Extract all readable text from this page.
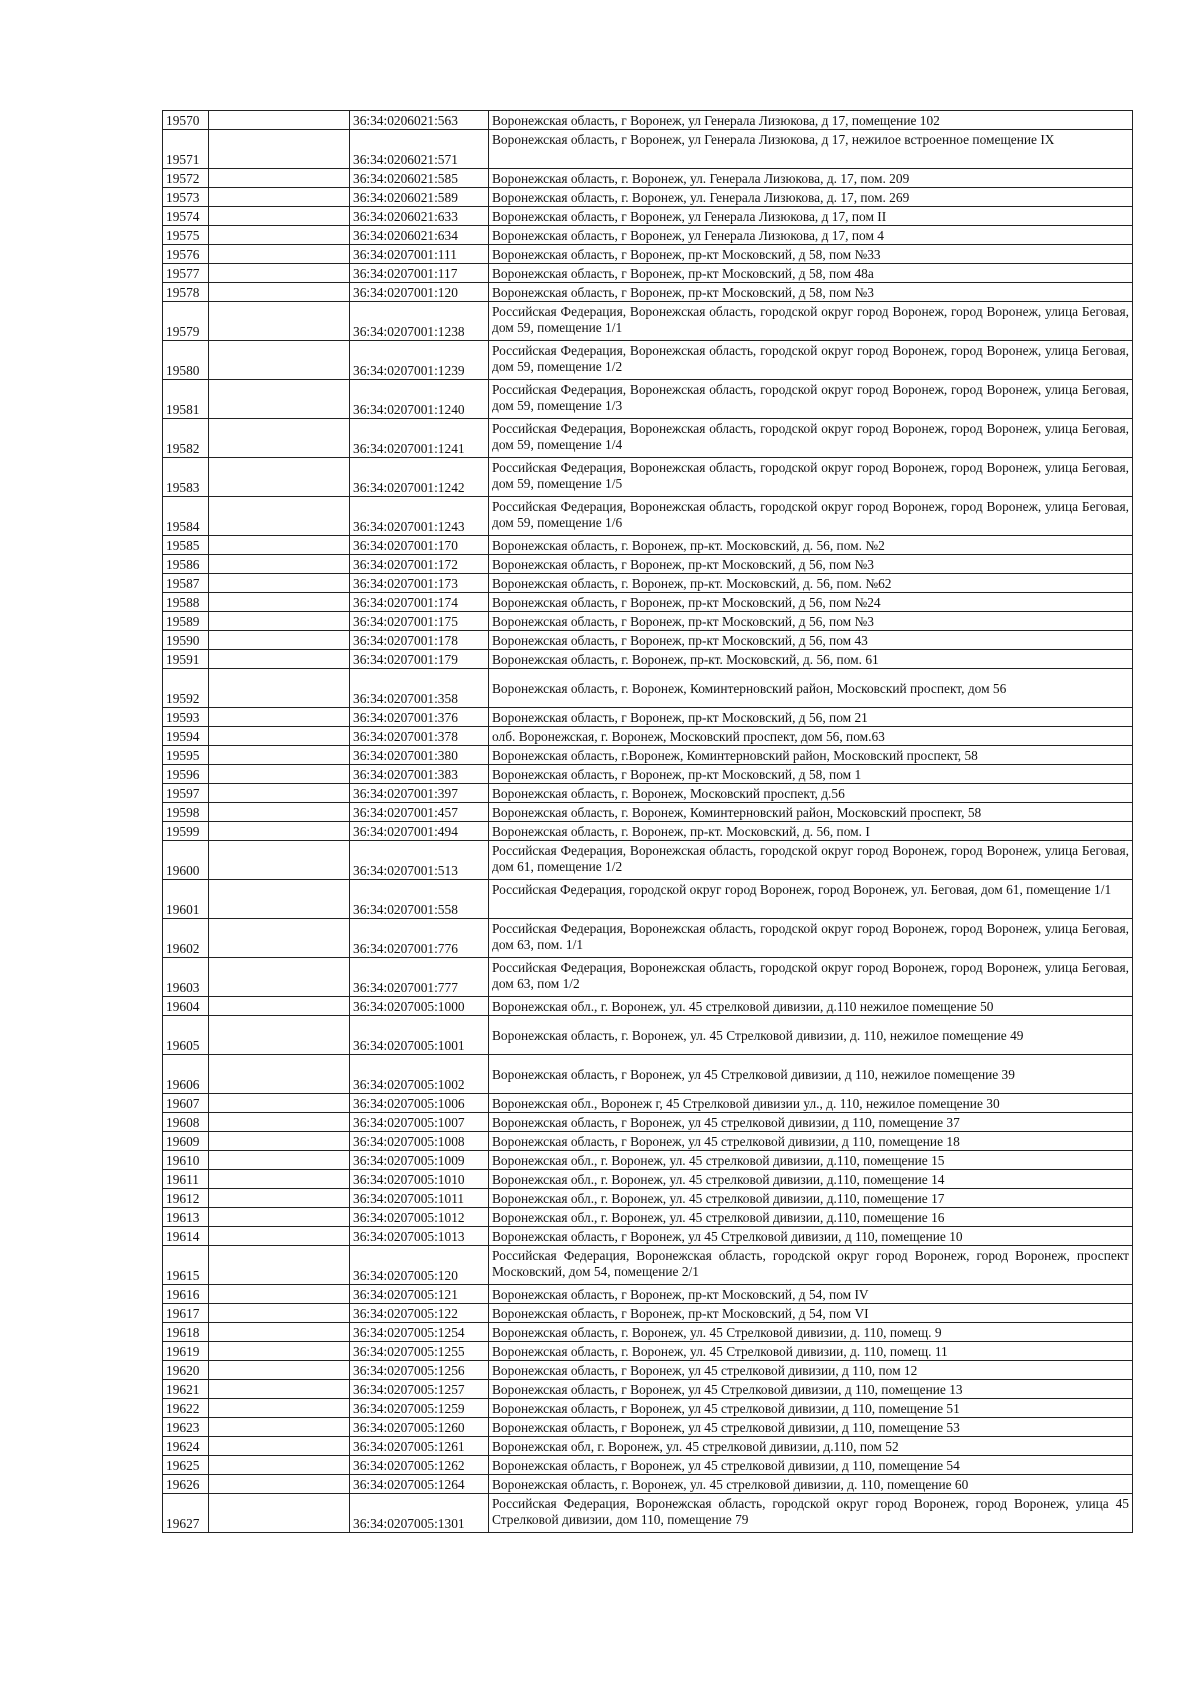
19570		36:34:0206021:563	Воронежская область, г Воронеж, ул Генерала Лизюкова, д 17, помещение 102
19571		36:34:0206021:571	Воронежская область, г Воронеж, ул Генерала Лизюкова, д 17, нежилое встроенное помещение IX
19572		36:34:0206021:585	Воронежская область, г. Воронеж, ул. Генерала Лизюкова, д. 17, пом. 209
19573		36:34:0206021:589	Воронежская область, г. Воронеж, ул. Генерала Лизюкова, д. 17, пом. 269
19574		36:34:0206021:633	Воронежская область, г Воронеж, ул Генерала Лизюкова, д 17, пом II
19575		36:34:0206021:634	Воронежская область, г Воронеж, ул Генерала Лизюкова, д 17, пом 4
19576		36:34:0207001:111	Воронежская область, г Воронеж, пр-кт Московский, д 58, пом №33
19577		36:34:0207001:117	Воронежская область, г Воронеж, пр-кт Московский, д 58, пом 48а
19578		36:34:0207001:120	Воронежская область, г Воронеж, пр-кт Московский, д 58, пом №3
19579		36:34:0207001:1238	Российская Федерация, Воронежская область, городской округ город Воронеж, город Воронеж, улица Беговая, дом 59, помещение 1/1
19580		36:34:0207001:1239	Российская Федерация, Воронежская область, городской округ город Воронеж, город Воронеж, улица Беговая, дом 59, помещение 1/2
19581		36:34:0207001:1240	Российская Федерация, Воронежская область, городской округ город Воронеж, город Воронеж, улица Беговая, дом 59, помещение 1/3
19582		36:34:0207001:1241	Российская Федерация, Воронежская область, городской округ город Воронеж, город Воронеж, улица Беговая, дом 59, помещение 1/4
19583		36:34:0207001:1242	Российская Федерация, Воронежская область, городской округ город Воронеж, город Воронеж, улица Беговая, дом 59, помещение 1/5
19584		36:34:0207001:1243	Российская Федерация, Воронежская область, городской округ город Воронеж, город Воронеж, улица Беговая, дом 59, помещение 1/6
19585		36:34:0207001:170	Воронежская область, г. Воронеж, пр-кт. Московский, д. 56, пом. №2
19586		36:34:0207001:172	Воронежская область, г Воронеж, пр-кт Московский, д 56, пом №3
19587		36:34:0207001:173	Воронежская область, г. Воронеж, пр-кт. Московский, д. 56, пом. №62
19588		36:34:0207001:174	Воронежская область, г Воронеж, пр-кт Московский, д 56, пом №24
19589		36:34:0207001:175	Воронежская область, г Воронеж, пр-кт Московский, д 56, пом №3
19590		36:34:0207001:178	Воронежская область, г Воронеж, пр-кт Московский, д 56, пом 43
19591		36:34:0207001:179	Воронежская область, г. Воронеж, пр-кт. Московский, д. 56, пом. 61
19592		36:34:0207001:358	Воронежская область, г. Воронеж, Коминтерновский район, Московский проспект, дом 56
19593		36:34:0207001:376	Воронежская область, г Воронеж, пр-кт Московский, д 56, пом 21
19594		36:34:0207001:378	олб. Воронежская, г. Воронеж, Московский проспект, дом 56, пом.63
19595		36:34:0207001:380	Воронежская область, г.Воронеж, Коминтерновский район, Московский проспект, 58
19596		36:34:0207001:383	Воронежская область, г Воронеж, пр-кт Московский, д 58, пом 1
19597		36:34:0207001:397	Воронежская область, г. Воронеж, Московский проспект, д.56
19598		36:34:0207001:457	Воронежская область, г. Воронеж, Коминтерновский район, Московский проспект, 58
19599		36:34:0207001:494	Воронежская область, г. Воронеж, пр-кт. Московский, д. 56, пом. I
19600		36:34:0207001:513	Российская Федерация, Воронежская область, городской округ город Воронеж, город Воронеж, улица Беговая, дом 61, помещение 1/2
19601		36:34:0207001:558	Российская Федерация, городской округ город Воронеж, город Воронеж, ул. Беговая, дом 61, помещение 1/1
19602		36:34:0207001:776	Российская Федерация, Воронежская область, городской округ город Воронеж, город Воронеж, улица Беговая, дом 63, пом. 1/1
19603		36:34:0207001:777	Российская Федерация, Воронежская область, городской округ город Воронеж, город Воронеж, улица Беговая, дом 63, пом 1/2
19604		36:34:0207005:1000	Воронежская обл., г. Воронеж, ул. 45 стрелковой дивизии, д.110 нежилое помещение 50
19605		36:34:0207005:1001	Воронежская область, г. Воронеж, ул. 45 Стрелковой дивизии, д. 110, нежилое помещение 49
19606		36:34:0207005:1002	Воронежская область, г Воронеж, ул 45 Стрелковой дивизии, д 110, нежилое помещение 39
19607		36:34:0207005:1006	Воронежская обл., Воронеж г, 45 Стрелковой дивизии ул., д. 110, нежилое помещение 30
19608		36:34:0207005:1007	Воронежская область, г Воронеж, ул 45 стрелковой дивизии, д 110, помещение 37
19609		36:34:0207005:1008	Воронежская область, г Воронеж, ул 45 стрелковой дивизии, д 110, помещение 18
19610		36:34:0207005:1009	Воронежская обл., г. Воронеж, ул. 45 стрелковой дивизии, д.110, помещение 15
19611		36:34:0207005:1010	Воронежская обл., г. Воронеж, ул. 45 стрелковой дивизии, д.110, помещение 14
19612		36:34:0207005:1011	Воронежская обл., г. Воронеж, ул. 45 стрелковой дивизии, д.110, помещение 17
19613		36:34:0207005:1012	Воронежская обл., г. Воронеж, ул. 45 стрелковой дивизии, д.110, помещение 16
19614		36:34:0207005:1013	Воронежская область, г Воронеж, ул 45 Стрелковой дивизии, д 110, помещение 10
19615		36:34:0207005:120	Российская Федерация, Воронежская область, городской округ город Воронеж, город Воронеж, проспект Московский, дом 54, помещение 2/1
19616		36:34:0207005:121	Воронежская область, г Воронеж, пр-кт Московский, д 54, пом IV
19617		36:34:0207005:122	Воронежская область, г Воронеж, пр-кт Московский, д 54, пом VI
19618		36:34:0207005:1254	Воронежская область, г. Воронеж, ул. 45 Стрелковой дивизии, д. 110, помещ. 9
19619		36:34:0207005:1255	Воронежская область, г. Воронеж, ул. 45 Стрелковой дивизии, д. 110, помещ. 11
19620		36:34:0207005:1256	Воронежская область, г Воронеж, ул 45 стрелковой дивизии, д 110, пом 12
19621		36:34:0207005:1257	Воронежская область, г Воронеж, ул 45 Стрелковой дивизии, д 110, помещение 13
19622		36:34:0207005:1259	Воронежская область, г Воронеж, ул 45 стрелковой дивизии, д 110, помещение 51
19623		36:34:0207005:1260	Воронежская область, г Воронеж, ул 45 стрелковой дивизии, д 110, помещение 53
19624		36:34:0207005:1261	Воронежская обл, г. Воронеж, ул. 45 стрелковой дивизии, д.110, пом 52
19625		36:34:0207005:1262	Воронежская область, г Воронеж, ул 45 стрелковой дивизии, д 110, помещение 54
19626		36:34:0207005:1264	Воронежская область, г. Воронеж, ул. 45 стрелковой дивизии, д. 110, помещение 60
19627		36:34:0207005:1301	Российская Федерация, Воронежская область, городской округ город Воронеж, город Воронеж, улица 45 Стрелковой дивизии, дом 110, помещение 79
